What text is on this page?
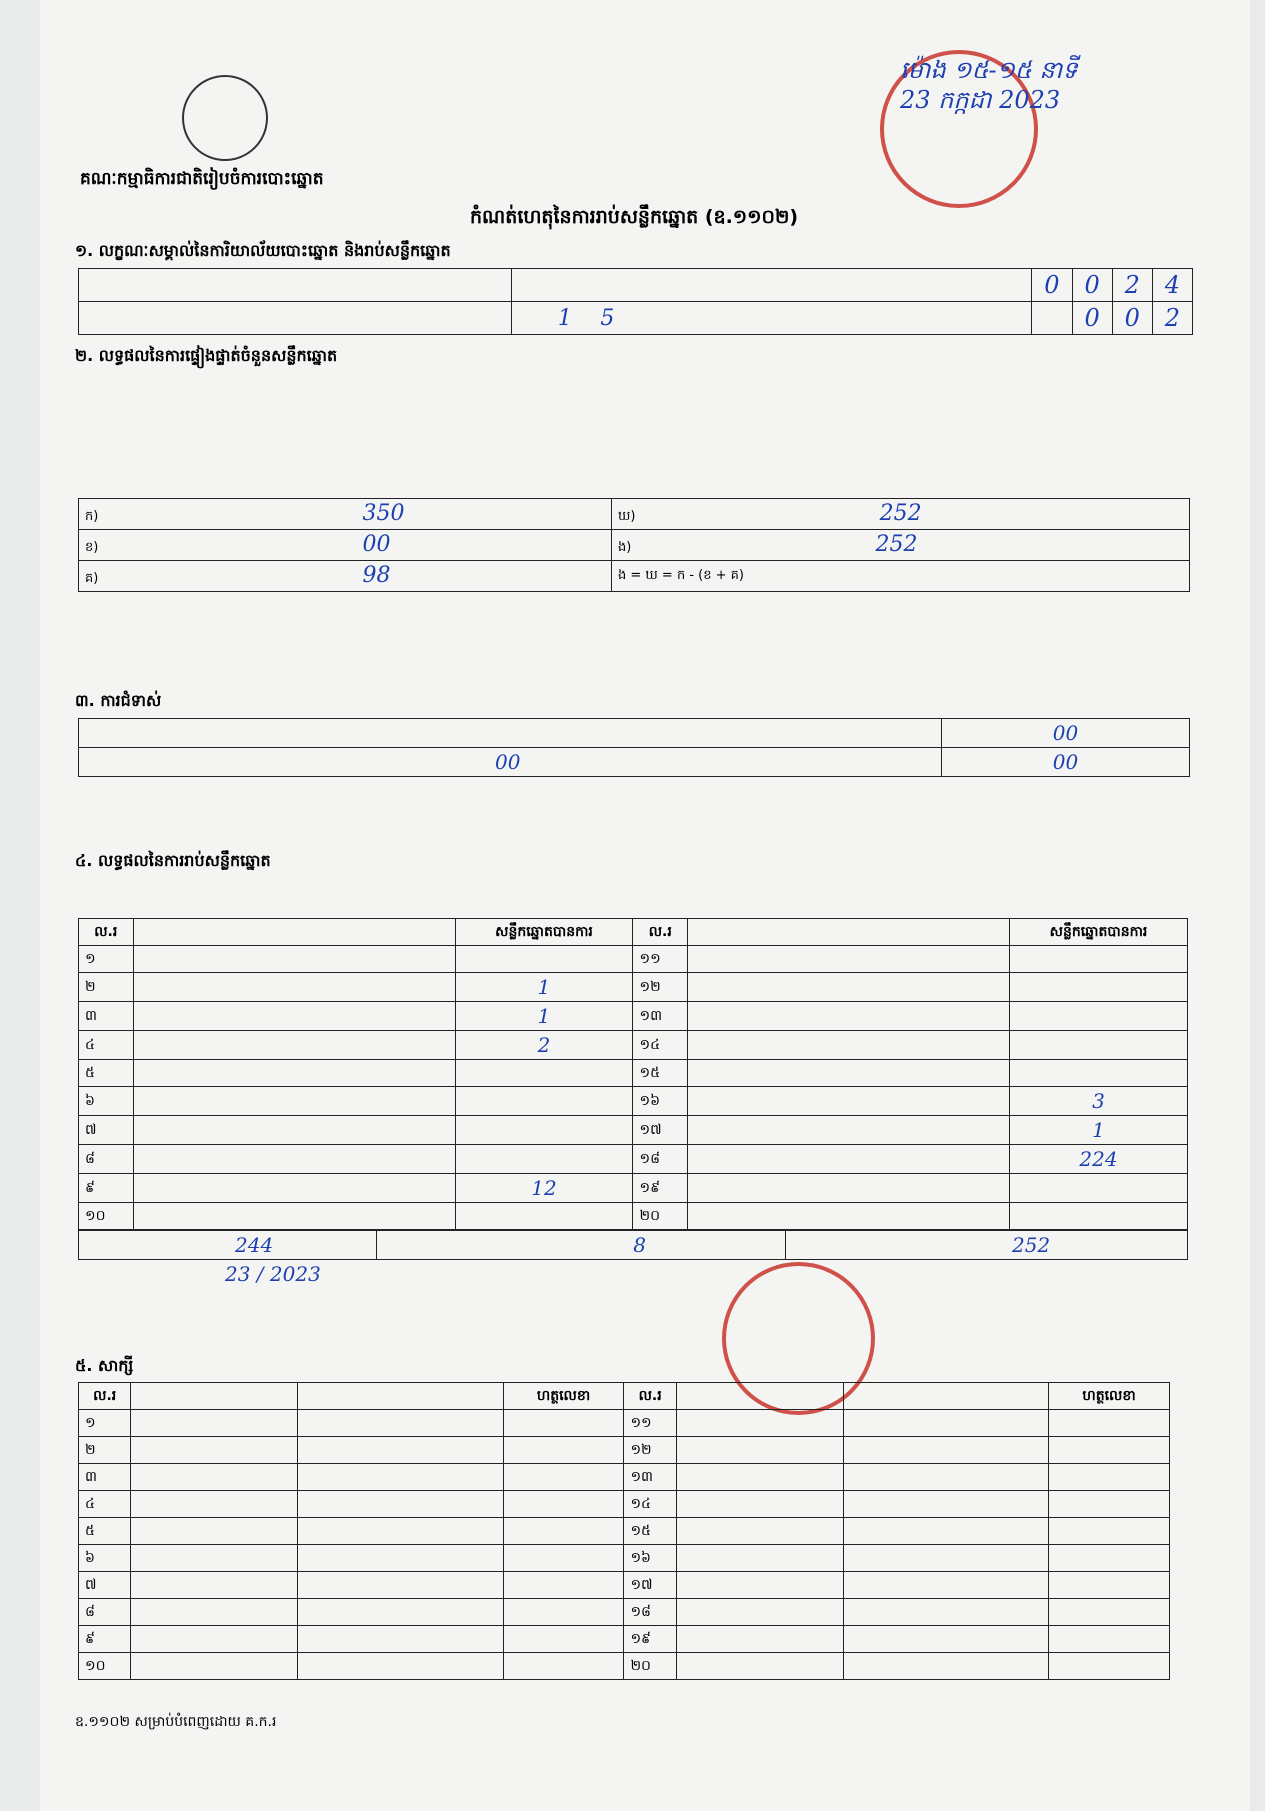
គណៈកម្មាធិការជាតិរៀបចំការបោះឆ្នោត
ម៉ោង ១៥-១៥ នាទី
23 កក្កដា 2023
កំណត់ហេតុនៃការរាប់សន្លឹកឆ្នោត (ឧ.១១០២)
១. លក្ខណៈសម្គាល់នៃការិយាល័យបោះឆ្នោត និងរាប់សន្លឹកឆ្នោត
		0	0	2	4
	1 5		0	0	2
២. លទ្ធផលនៃការផ្ទៀងផ្ទាត់ចំនួនសន្លឹកឆ្នោត
ក) 350	ឃ) 252
ខ) 00	ង) 252
គ) 98	ង = ឃ = ក - (ខ + គ)
៣. ការជំទាស់
	00
00	00
៤. លទ្ធផលនៃការរាប់សន្លឹកឆ្នោត
ល.រ		សន្លឹកឆ្នោតបានការ	ល.រ		សន្លឹកឆ្នោតបានការ
១			១១		
២		1	១២		
៣		1	១៣		
៤		2	១៤		
៥			១៥		
៦			១៦		3
៧			១៧		1
៨			១៨		224
៩		12	១៩		
១០			២០		
244	8	252
23 / 2023
៥. សាក្សី
ល.រ			ហត្ថលេខា	ល.រ			ហត្ថលេខា
១				១១			
២				១២			
៣				១៣			
៤				១៤			
៥				១៥			
៦				១៦			
៧				១៧			
៨				១៨			
៩				១៩			
១០				២០			
ឧ.១១០២ សម្រាប់បំពេញដោយ គ.ក.រ
